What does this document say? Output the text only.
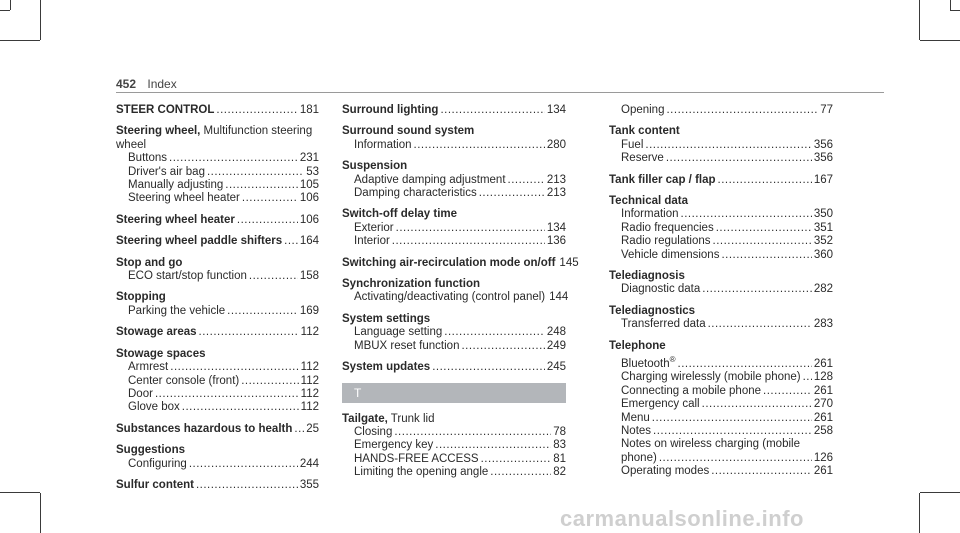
452 Index
STEER CONTROL .....	181
Steering wheel, Multifunction steering
wheel
Buttons .....	231
Driver's air bag .....	53
Manually adjusting .....	105
Steering wheel heater .....	106
Steering wheel heater .....	106
Steering wheel paddle shifters ..... 164
Stop and go
ECO start/stop function .....	158
Stopping
Parking the vehicle .....	169
Stowage areas .....	112
Stowage spaces
Armrest .....	112
Center console (front) .....	112
Door .....	112
Glove box .....	112
Substances hazardous to health ..... 25
Suggestions
Configuring .....	244
Sulfur content .....	355
Surround lighting .....	134
Surround sound system
Information .....	280
Suspension
Adaptive damping adjustment .....	213
Damping characteristics .....	213
Switch-off delay time
Exterior .....	134
Interior .....	136
Switching air-recirculation mode on/off 145
Synchronization function
Activating/deactivating (control panel) 144
System settings
Language setting .....	248
MBUX reset function .....	249
System updates .....	245
T
Tailgate, Trunk lid
Closing .....	78
Emergency key .....	83
HANDS-FREE ACCESS .....	81
Limiting the opening angle .....	82
Opening .....	77
Tank content
Fuel .....	356
Reserve .....	356
Tank filler cap / flap .....	167
Technical data
Information .....	350
Radio frequencies .....	351
Radio regulations .....	352
Vehicle dimensions .....	360
Telediagnosis
Diagnostic data .....	282
Telediagnostics
Transferred data .....	283
Telephone
Bluetooth® .....	261
Charging wirelessly (mobile phone) ..... 128
Connecting a mobile phone .....	261
Emergency call .....	270
Menu .....	261
Notes .....	258
Notes on wireless charging (mobile
phone) .....	126
Operating modes .....	261
carmanualsonline.info
